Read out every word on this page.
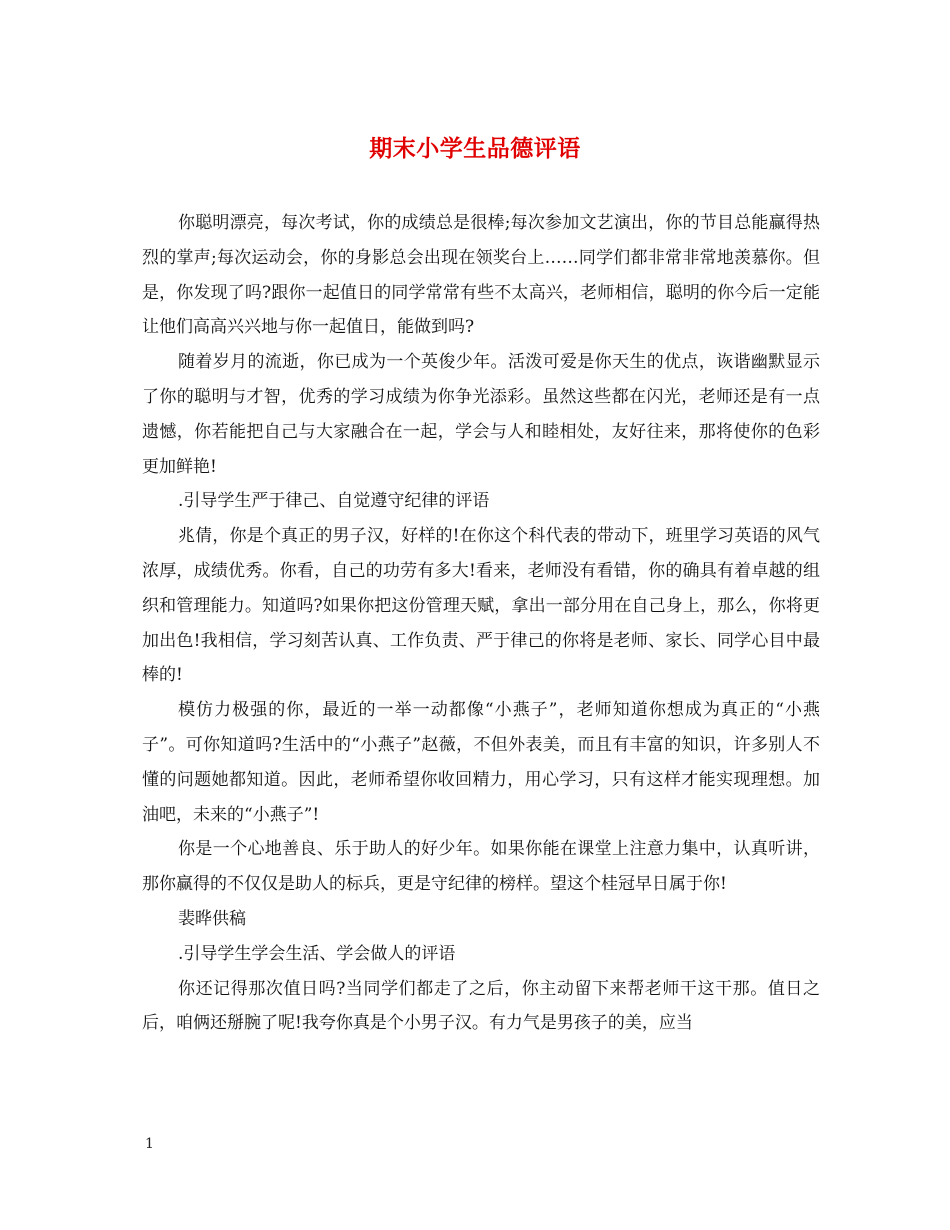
期末小学生品德评语

你聪明漂亮，每次考试，你的成绩总是很棒;每次参加文艺演出，你的节目总能赢得热烈的掌声;每次运动会，你的身影总会出现在领奖台上……同学们都非常非常地羡慕你。但是，你发现了吗?跟你一起值日的同学常常有些不太高兴，老师相信，聪明的你今后一定能让他们高高兴兴地与你一起值日，能做到吗?

随着岁月的流逝，你已成为一个英俊少年。活泼可爱是你天生的优点，诙谐幽默显示了你的聪明与才智，优秀的学习成绩为你争光添彩。虽然这些都在闪光，老师还是有一点遗憾，你若能把自己与大家融合在一起，学会与人和睦相处，友好往来，那将使你的色彩更加鲜艳!

.引导学生严于律己、自觉遵守纪律的评语

兆倩，你是个真正的男子汉，好样的!在你这个科代表的带动下，班里学习英语的风气浓厚，成绩优秀。你看，自己的功劳有多大!看来，老师没有看错，你的确具有着卓越的组织和管理能力。知道吗?如果你把这份管理天赋，拿出一部分用在自己身上，那么，你将更加出色!我相信，学习刻苦认真、工作负责、严于律己的你将是老师、家长、同学心目中最棒的!

模仿力极强的你，最近的一举一动都像“小燕子”，老师知道你想成为真正的“小燕子”。可你知道吗?生活中的“小燕子”赵薇，不但外表美，而且有丰富的知识，许多别人不懂的问题她都知道。因此，老师希望你收回精力，用心学习，只有这样才能实现理想。加油吧，未来的“小燕子”!

你是一个心地善良、乐于助人的好少年。如果你能在课堂上注意力集中，认真听讲，那你赢得的不仅仅是助人的标兵，更是守纪律的榜样。望这个桂冠早日属于你!

裴晔供稿

.引导学生学会生活、学会做人的评语

你还记得那次值日吗?当同学们都走了之后，你主动留下来帮老师干这干那。值日之后，咱俩还掰腕了呢!我夸你真是个小男子汉。有力气是男孩子的美，应当

1
